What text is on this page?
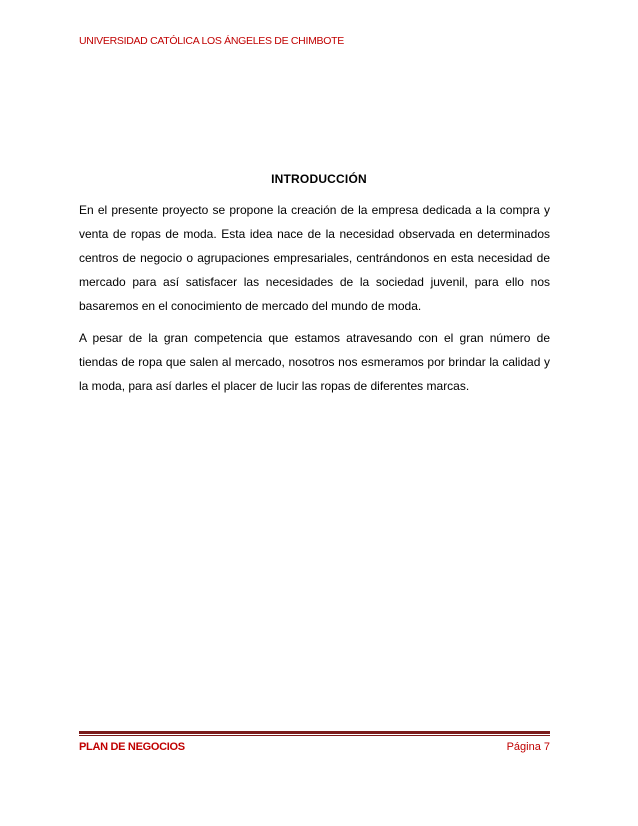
UNIVERSIDAD CATÓLICA LOS ÁNGELES DE CHIMBOTE
INTRODUCCIÓN

En el presente proyecto se propone la creación de la empresa dedicada a la compra y venta de ropas de moda. Esta idea nace de la necesidad observada en determinados centros de negocio o agrupaciones empresariales, centrándonos en esta necesidad de mercado para así satisfacer las necesidades de la sociedad juvenil, para ello nos basaremos en el conocimiento de mercado del mundo de moda.

A pesar de la gran competencia que estamos atravesando con el gran número de tiendas de ropa que salen al mercado, nosotros nos esmeramos por brindar la calidad y la moda, para así darles el placer de lucir las ropas de diferentes marcas.

PLAN DE NEGOCIOS	Página 7
